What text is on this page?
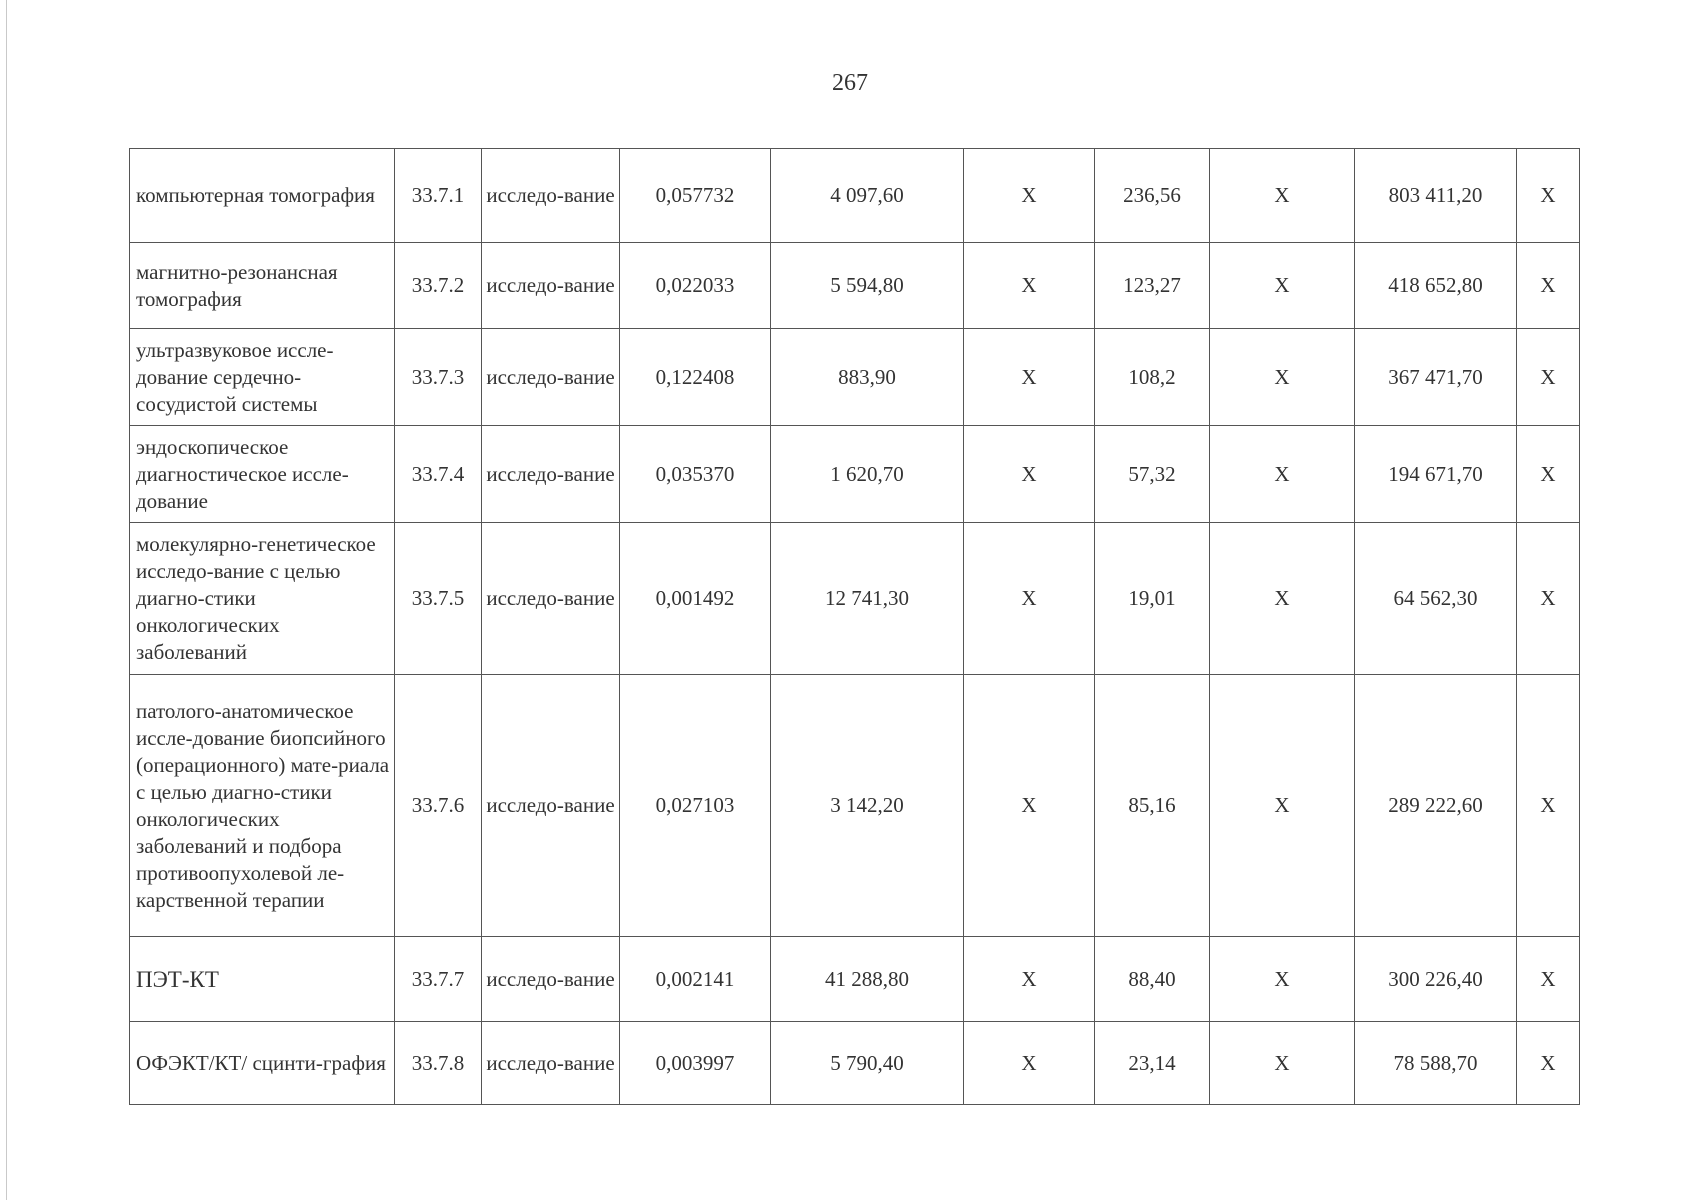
267
компьютерная томография	33.7.1	исследо-вание	0,057732	4 097,60	Х	236,56	Х	803 411,20	Х
магнитно-резонансная томография	33.7.2	исследо-вание	0,022033	5 594,80	Х	123,27	Х	418 652,80	Х
ультразвуковое иссле-дование сердечно-сосудистой системы	33.7.3	исследо-вание	0,122408	883,90	Х	108,2	Х	367 471,70	Х
эндоскопическое диагностическое иссле-дование	33.7.4	исследо-вание	0,035370	1 620,70	Х	57,32	Х	194 671,70	Х
молекулярно-генетическое исследо-вание с целью диагно-стики онкологических заболеваний	33.7.5	исследо-вание	0,001492	12 741,30	Х	19,01	Х	64 562,30	Х
патолого-анатомическое иссле-дование биопсийного (операционного) мате-риала с целью диагно-стики онкологических заболеваний и подбора противоопухолевой ле-карственной терапии	33.7.6	исследо-вание	0,027103	3 142,20	Х	85,16	Х	289 222,60	Х
ПЭТ-КТ	33.7.7	исследо-вание	0,002141	41 288,80	Х	88,40	Х	300 226,40	Х
ОФЭКТ/КТ/ сцинти-графия	33.7.8	исследо-вание	0,003997	5 790,40	Х	23,14	Х	78 588,70	Х
